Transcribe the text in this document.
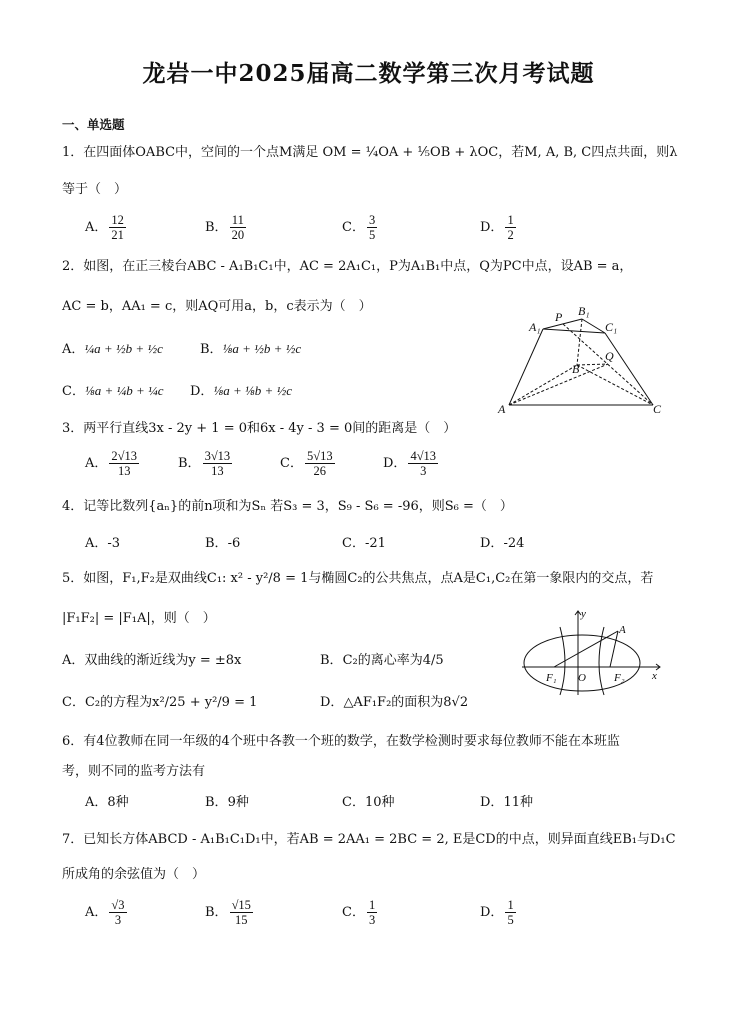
龙岩一中2025届高二数学第三次月考试题
一、单选题
1．在四面体OABC中，空间的一个点M满足 OM = ¼OA + ⅕OB + λOC，若M, A, B, C四点共面，则λ
等于（　）
A． $\frac{12}{21}$	B． $\frac{11}{20}$	C． $\frac{3}{5}$	D． $\frac{1}{2}$
2．如图，在正三棱台ABC - A₁B₁C₁中，AC = 2A₁C₁，P为A₁B₁中点，Q为PC中点，设AB = a，
AC = b，AA₁ = c，则AQ可用a，b，c表示为（　）
A．¼a + ½b + ½c	B．⅛a + ½b + ½c
C．⅛a + ¼b + ¼c D．⅛a + ⅛b + ½c
A₁
P B₁
C₁
Q
B
A	C
3．两平行直线3x - 2y + 1 = 0和6x - 4y - 3 = 0间的距离是（　）
A． $\frac{2√13}{13}$	B． $\frac{3√13}{13}$	C． $\frac{5√13}{26}$	D． $\frac{4√13}{3}$
4．记等比数列{aₙ}的前n项和为Sₙ 若S₃ = 3，S₉ - S₆ = -96，则S₆ =（　）
A．-3	B．-6	C．-21	D．-24
5．如图，F₁,F₂是双曲线C₁: x² - y²/8 = 1与椭圆C₂的公共焦点，点A是C₁,C₂在第一象限内的交点，若
|F₁F₂| = |F₁A|，则（　）
A．双曲线的渐近线为y = ±8x	B．C₂的离心率为4/5
C．C₂的方程为x²/25 + y²/9 = 1	D．△AF₁F₂的面积为8√2
y
A
F₁ O	F₂ x
6．有4位教师在同一年级的4个班中各教一个班的数学，在数学检测时要求每位教师不能在本班监
考，则不同的监考方法有
A．8种	B．9种	C．10种	D．11种
7．已知长方体ABCD - A₁B₁C₁D₁中，若AB = 2AA₁ = 2BC = 2, E是CD的中点，则异面直线EB₁与D₁C
所成角的余弦值为（　）
A． $\frac{√3}{3}$	B． $\frac{√15}{15}$	C． $\frac{1}{3}$	D． $\frac{1}{5}$
